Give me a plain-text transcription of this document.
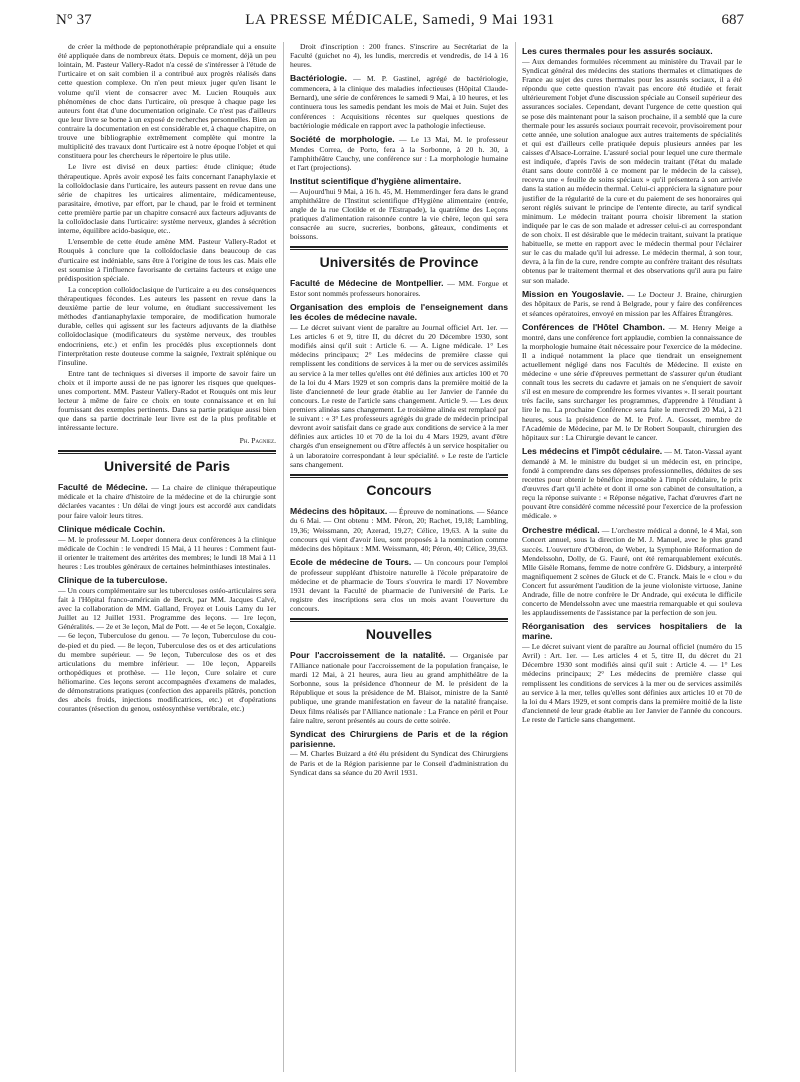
N° 37	LA PRESSE MÉDICALE, Samedi, 9 Mai 1931	687

de créer la méthode de peptonothérapie préprandiale qui a ensuite été appliquée dans de nombreux états. Depuis ce moment, déjà un peu lointain, M. Pasteur Vallery-Radot n'a cessé de s'intéresser à l'étude de l'urticaire et on sait combien il a contribué aux progrès réalisés dans cette question complexe. On n'en peut mieux juger qu'en lisant le volume qu'il vient de consacrer avec M. Lucien Rouquès aux phénomènes de choc dans l'urticaire, où presque à chaque page les auteurs font état d'une documentation originale. Ce n'est pas d'ailleurs que leur livre se borne à un exposé de recherches personnelles. Bien au contraire la documentation en est considérable et, à chaque chapitre, on trouve une bibliographie extrêmement complète qui montre la multiplicité des travaux dont l'urticaire est à notre époque l'objet et qui constituera pour les chercheurs le répertoire le plus utile.

Le livre est divisé en deux parties: étude clinique; étude thérapeutique. Après avoir exposé les faits concernant l'anaphylaxie et la colloïdoclasie dans l'urticaire, les auteurs passent en revue dans une série de chapitres les urticaires alimentaire, médicamenteuse, parasitaire, émotive, par effort, par le chaud, par le froid et terminent cette première partie par un chapitre consacré aux facteurs adjuvants de la colloïdoclasie dans l'urticaire: système nerveux, glandes à sécrétion interne, équilibre acido-basique, etc..

L'ensemble de cette étude amène MM. Pasteur Vallery-Radot et Rouquès à conclure que la colloïdoclasie dans beaucoup de cas d'urticaire est indéniable, sans être à l'origine de tous les cas. Mais elle est soumise à l'influence favorisante de certains facteurs et exige une prédisposition spéciale.

La conception colloïdoclasique de l'urticaire a eu des conséquences thérapeutiques fécondes. Les auteurs les passent en revue dans la deuxième partie de leur volume, en étudiant successivement les méthodes d'antianaphylaxie temporaire, de modification humorale durable, celles qui agissent sur les facteurs adjuvants de la diathèse colloïdoclasique (modificateurs du système nerveux, des troubles endocriniens, etc.) et enfin les procédés plus exceptionnels dont l'interprétation reste douteuse comme la saignée, l'extrait splénique ou l'insuline.

Entre tant de techniques si diverses il importe de savoir faire un choix et il importe aussi de ne pas ignorer les risques que quelques-unes comportent. MM. Pasteur Vallery-Radot et Rouquès ont mis leur lecteur à même de faire ce choix en toute connaissance et en lui fournissant des exemples pertinents. Dans sa partie pratique aussi bien que dans sa partie doctrinale leur livre est de la plus profitable et intéressante lecture.

Ph. Pagniez.

Université de Paris
Faculté de Médecine. — La chaire de clinique thérapeutique médicale et la chaire d'histoire de la médecine et de la chirurgie sont déclarées vacantes : Un délai de vingt jours est accordé aux candidats pour faire valoir leurs titres.
Clinique médicale Cochin.
— M. le professeur M. Loeper donnera deux conférences à la clinique médicale de Cochin : le vendredi 15 Mai, à 11 heures : Comment faut-il orienter le traitement des artérites des membres; le lundi 18 Mai à 11 heures : Les troubles généraux de certaines helminthiases intestinales.
Clinique de la tuberculose.
— Un cours complémentaire sur les tuberculoses ostéo-articulaires sera fait à l'Hôpital franco-américain de Berck, par MM. Jacques Calvé, avec la collaboration de MM. Galland, Froyez et Louis Lamy du 1er Juillet au 12 Juillet 1931. Programme des leçons. — 1re leçon, Généralités. — 2e et 3e leçon, Mal de Pott. — 4e et 5e leçon, Coxalgie. — 6e leçon, Tuberculose du genou. — 7e leçon, Tuberculose du cou-de-pied et du pied. — 8e leçon, Tuberculose des os et des articulations du membre supérieur. — 9e leçon, Tuberculose des os et des articulations du membre inférieur. — 10e leçon, Appareils orthopédiques et prothèse. — 11e leçon, Cure solaire et cure héliomarine. Ces leçons seront accompagnées d'examens de malades, de démonstrations pratiques (confection des appareils plâtrés, ponction des abcès froids, injections modificatrices, etc.) et d'opérations courantes (résection du genou, ostéosynthèse vertébrale, etc.)

Droit d'inscription : 200 francs. S'inscrire au Secrétariat de la Faculté (guichet no 4), les lundis, mercredis et vendredis, de 14 à 16 heures.

Bactériologie. — M. P. Gastinel, agrégé de bactériologie, commencera, à la clinique des maladies infectieuses (Hôpital Claude-Bernard), une série de conférences le samedi 9 Mai, à 10 heures, et les continuera tous les samedis pendant les mois de Mai et Juin. Sujet des conférences : Acquisitions récentes sur quelques questions de bactériologie médicale en rapport avec la pathologie infectieuse.
Société de morphologie. — Le 13 Mai, M. le professeur Mendes Correa, de Porto, fera à la Sorbonne, à 20 h. 30, à l'amphithéâtre Cauchy, une conférence sur : La morphologie humaine et l'art (projections).
Institut scientifique d'hygiène alimentaire.
— Aujourd'hui 9 Mai, à 16 h. 45, M. Hemmerdinger fera dans le grand amphithéâtre de l'Institut scientifique d'Hygiène alimentaire (entrée, angle de la rue Clotilde et de l'Estrapade), la quatrième des Leçons pratiques d'alimentation raisonnée contre la vie chère, leçon qui sera consacrée au sucre, sucreries, bonbons, gâteaux, condiments et boissons.
Universités de Province
Faculté de Médecine de Montpellier. — MM. Forgue et Estor sont nommés professeurs honoraires.
Organisation des emplois de l'enseignement dans les écoles de médecine navale.
— Le décret suivant vient de paraître au Journal officiel Art. 1er. — Les articles 6 et 9, titre II, du décret du 20 Décembre 1930, sont modifiés ainsi qu'il suit : Article 6. — A. Ligne médicale. 1° Les médecins principaux; 2° Les médecins de première classe qui remplissent les conditions de services à la mer ou de services assimilés au service à la mer telles qu'elles ont été définies aux articles 100 et 70 de la loi du 4 Mars 1929 et son compris dans la première moitié de la liste d'ancienneté de leur grade établie au 1er Janvier de l'année du concours. Le reste de l'article sans changement. Article 9. — Les deux premiers alinéas sans changement. Le troisième alinéa est remplacé par le suivant : « 3° Les professeurs agrégés du grade de médecin principal devront avoir satisfait dans ce grade aux conditions de service à la mer définies aux articles 10 et 70 de la loi du 4 Mars 1929, avant d'être chargés d'un enseignement ou d'être affectés à un service hospitalier ou à un laboratoire correspondant à leur spécialité. » Le reste de l'article sans changement.
Concours
Médecins des hôpitaux. — Épreuve de nominations. — Séance du 6 Mai. — Ont obtenu : MM. Péron, 20; Rachet, 19,18; Lambling, 19,36; Weissmann, 20; Azerad, 19,27; Célice, 19,63. A la suite du concours qui vient d'avoir lieu, sont proposés à la nomination comme médecins des hôpitaux : MM. Weissmann, 40; Péron, 40; Célice, 39,63.
Ecole de médecine de Tours. — Un concours pour l'emploi de professeur suppléant d'histoire naturelle à l'école préparatoire de médecine et de pharmacie de Tours s'ouvrira le mardi 17 Novembre 1931 devant la Faculté de pharmacie de l'université de Paris. Le registre des inscriptions sera clos un mois avant l'ouverture du concours.
Nouvelles
Pour l'accroissement de la natalité. — Organisée par l'Alliance nationale pour l'accroissement de la population française, le mardi 12 Mai, à 21 heures, aura lieu au grand amphithéâtre de la Sorbonne, sous la présidence d'honneur de M. le président de la République et sous la présidence de M. Blaisot, ministre de la Santé publique, une grande manifestation en faveur de la natalité française. Deux films réalisés par l'Alliance nationale : La France en péril et Pour faire naître, seront présentés au cours de cette soirée.
Syndicat des Chirurgiens de Paris et de la région parisienne.
— M. Charles Buizard a été élu président du Syndicat des Chirurgiens de Paris et de la Région parisienne par le Conseil d'administration du Syndicat dans sa séance du 20 Avril 1931.
Les cures thermales pour les assurés sociaux.
— Aux demandes formulées récemment au ministère du Travail par le Syndicat général des médecins des stations thermales et climatiques de France au sujet des cures thermales pour les assurés sociaux, il a été répondu que cette question n'avait pas encore été étudiée et ferait ultérieurement l'objet d'une discussion spéciale au Conseil supérieur des assurances sociales. Cependant, devant l'urgence de cette question qui se pose dès maintenant pour la saison prochaine, il a semblé que la cure thermale pour les assurés sociaux pourrait recevoir, provisoirement pour cette année, une solution analogue aux autres traitements de spécialités et qui est d'ailleurs celle pratiquée depuis plusieurs années par les caisses d'Alsace-Lorraine. L'assuré social pour lequel une cure thermale est indiquée, d'après l'avis de son médecin traitant (l'état du malade étant sans doute contrôlé à ce moment par le médecin de la caisse), recevra une « feuille de soins spéciaux » qu'il présentera à son arrivée dans la station au médecin thermal. Celui-ci appréciera la signature pour justifier de la régularité de la cure et du paiement de ses honoraires qui seront réglés suivant le principe de l'entente directe, au tarif syndical minimum. Le médecin traitant pourra choisir librement la station indiquée par le cas de son malade et adresser celui-ci au correspondant de son choix. Il est désirable que le médecin traitant, suivant la pratique habituelle, se mette en rapport avec le médecin thermal pour l'éclairer sur le cas du malade qu'il lui adresse. Le médecin thermal, à son tour, devra, à la fin de la cure, rendre compte au confrère traitant des résultats obtenus par le traitement thermal et des observations qu'il aura pu faire sur son malade.
Mission en Yougoslavie. — Le Docteur J. Braine, chirurgien des hôpitaux de Paris, se rend à Belgrade, pour y faire des conférences et séances opératoires, envoyé en mission par les Affaires Étrangères.
Conférences de l'Hôtel Chambon. — M. Henry Meige a montré, dans une conférence fort applaudie, combien la connaissance de la morphologie humaine était nécessaire pour l'exercice de la médecine. Il a indiqué notamment la place que tiendrait un enseignement actuellement négligé dans nos Facultés de Médecine. Il existe en médecine « une série d'épreuves permettant de s'assurer qu'un étudiant connaît tous les secrets du cadavre et jamais on ne s'enquiert de savoir s'il est en mesure de comprendre les formes vivantes ». Il serait pourtant très facile, sans surcharger les programmes, d'apprendre à l'étudiant à lire le nu. La prochaine Conférence sera faite le mercredi 20 Mai, à 21 heures, sous la présidence de M. le Prof. A. Gosset, membre de l'Académie de Médecine, par M. le Dr Robert Soupault, chirurgien des hôpitaux sur : La Chirurgie devant le cancer.
Les médecins et l'impôt cédulaire. — M. Taton-Vassal ayant demandé à M. le ministre du budget si un médecin est, en principe, fondé à comprendre dans ses dépenses professionnelles, déduites de ses recettes pour obtenir le bénéfice imposable à l'impôt cédulaire, le prix d'œuvres d'art qu'il achète et dont il orne son cabinet de consultation, a reçu la réponse suivante : « Réponse négative, l'achat d'œuvres d'art ne pouvant être considéré comme nécessité pour l'exercice de la profession médicale. »
Orchestre médical. — L'orchestre médical a donné, le 4 Mai, son Concert annuel, sous la direction de M. J. Manuel, avec le plus grand succès. L'ouverture d'Obéron, de Weber, la Symphonie Réformation de Mendelssohn, Dolly, de G. Fauré, ont été remarquablement exécutés. Mlle Gisèle Romans, femme de notre confrère G. Didsbury, a interprété magnifiquement 2 scènes de Gluck et de C. Franck. Mais le « clou » du Concert fut assurément l'audition de la jeune violoniste virtuose, Janine Andrade, fille de notre confrère le Dr Andrade, qui exécuta le difficile concerto de Mendelssohn avec une maestria remarquable et qui souleva les applaudissements de l'assistance par la perfection de son jeu.
Réorganisation des services hospitaliers de la marine.
— Le décret suivant vient de paraître au Journal officiel (numéro du 15 Avril) : Art. 1er. — Les articles 4 et 5, titre II, du décret du 21 Décembre 1930 sont modifiés ainsi qu'il suit : Article 4. — 1° Les médecins principaux; 2° Les médecins de première classe qui remplissent les conditions de services à la mer ou de services assimilés au service à la mer, telles qu'elles sont définies aux articles 10 et 70 de la loi du 4 Mars 1929, et sont compris dans la première moitié de la liste d'ancienneté de leur grade établie au 1er Janvier de l'année du concours. Le reste de l'article sans changement.
